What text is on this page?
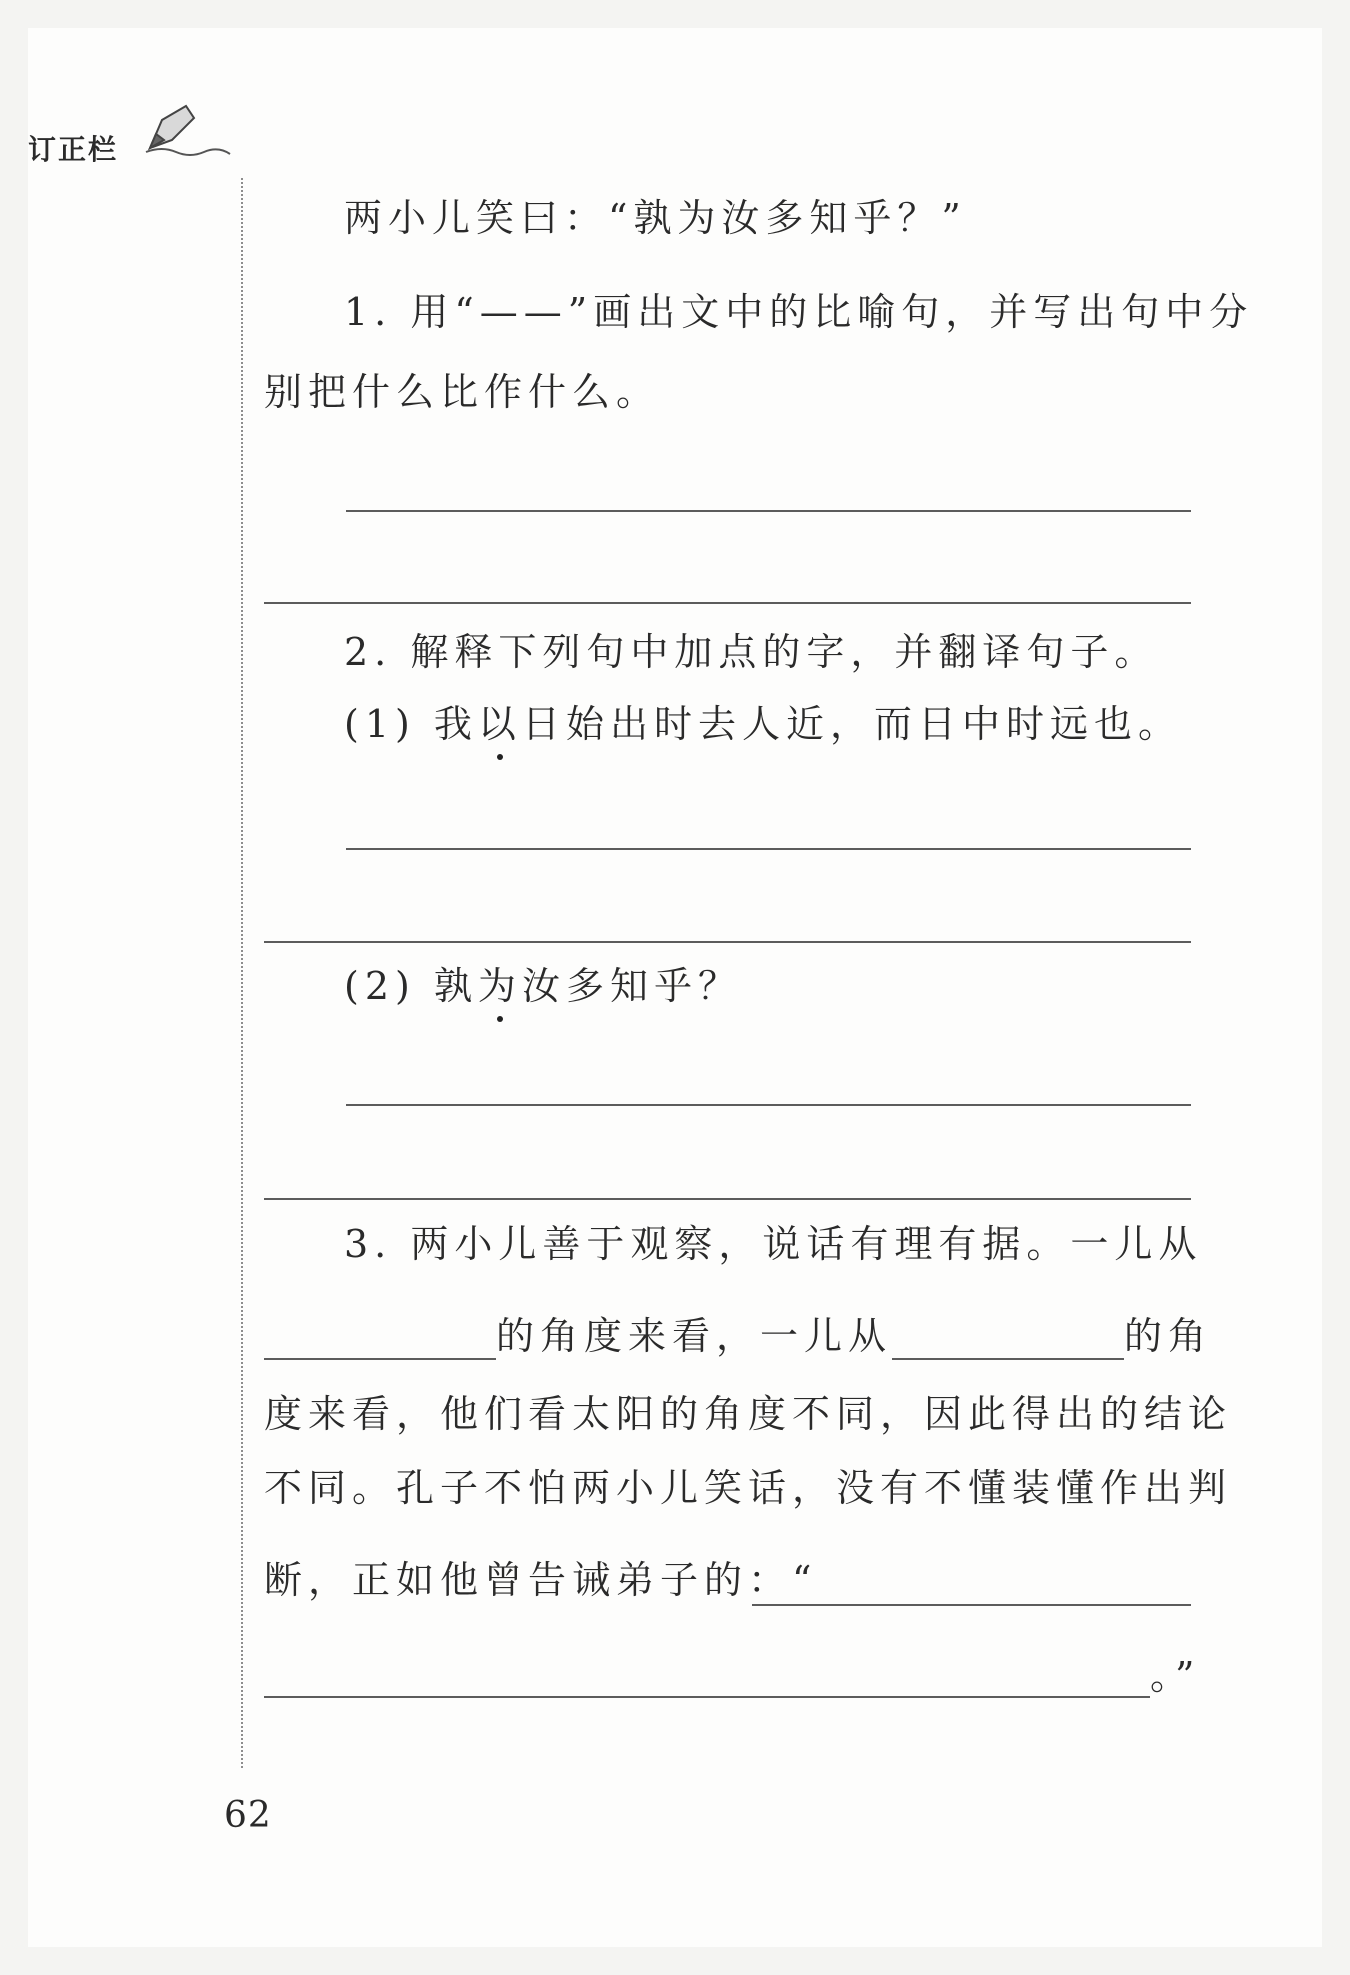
订正栏
两小儿笑曰：“孰为汝多知乎？”
1. 用“——”画出文中的比喻句，并写出句中分
别把什么比作什么。
2. 解释下列句中加点的字，并翻译句子。
(1) 我以日始出时去人近，而日中时远也。
(2) 孰为汝多知乎？
3. 两小儿善于观察，说话有理有据。一儿从
的角度来看，一儿从	的角
度来看，他们看太阳的角度不同，因此得出的结论
不同。孔子不怕两小儿笑话，没有不懂装懂作出判
断，正如他曾告诫弟子的：“
。”
62
